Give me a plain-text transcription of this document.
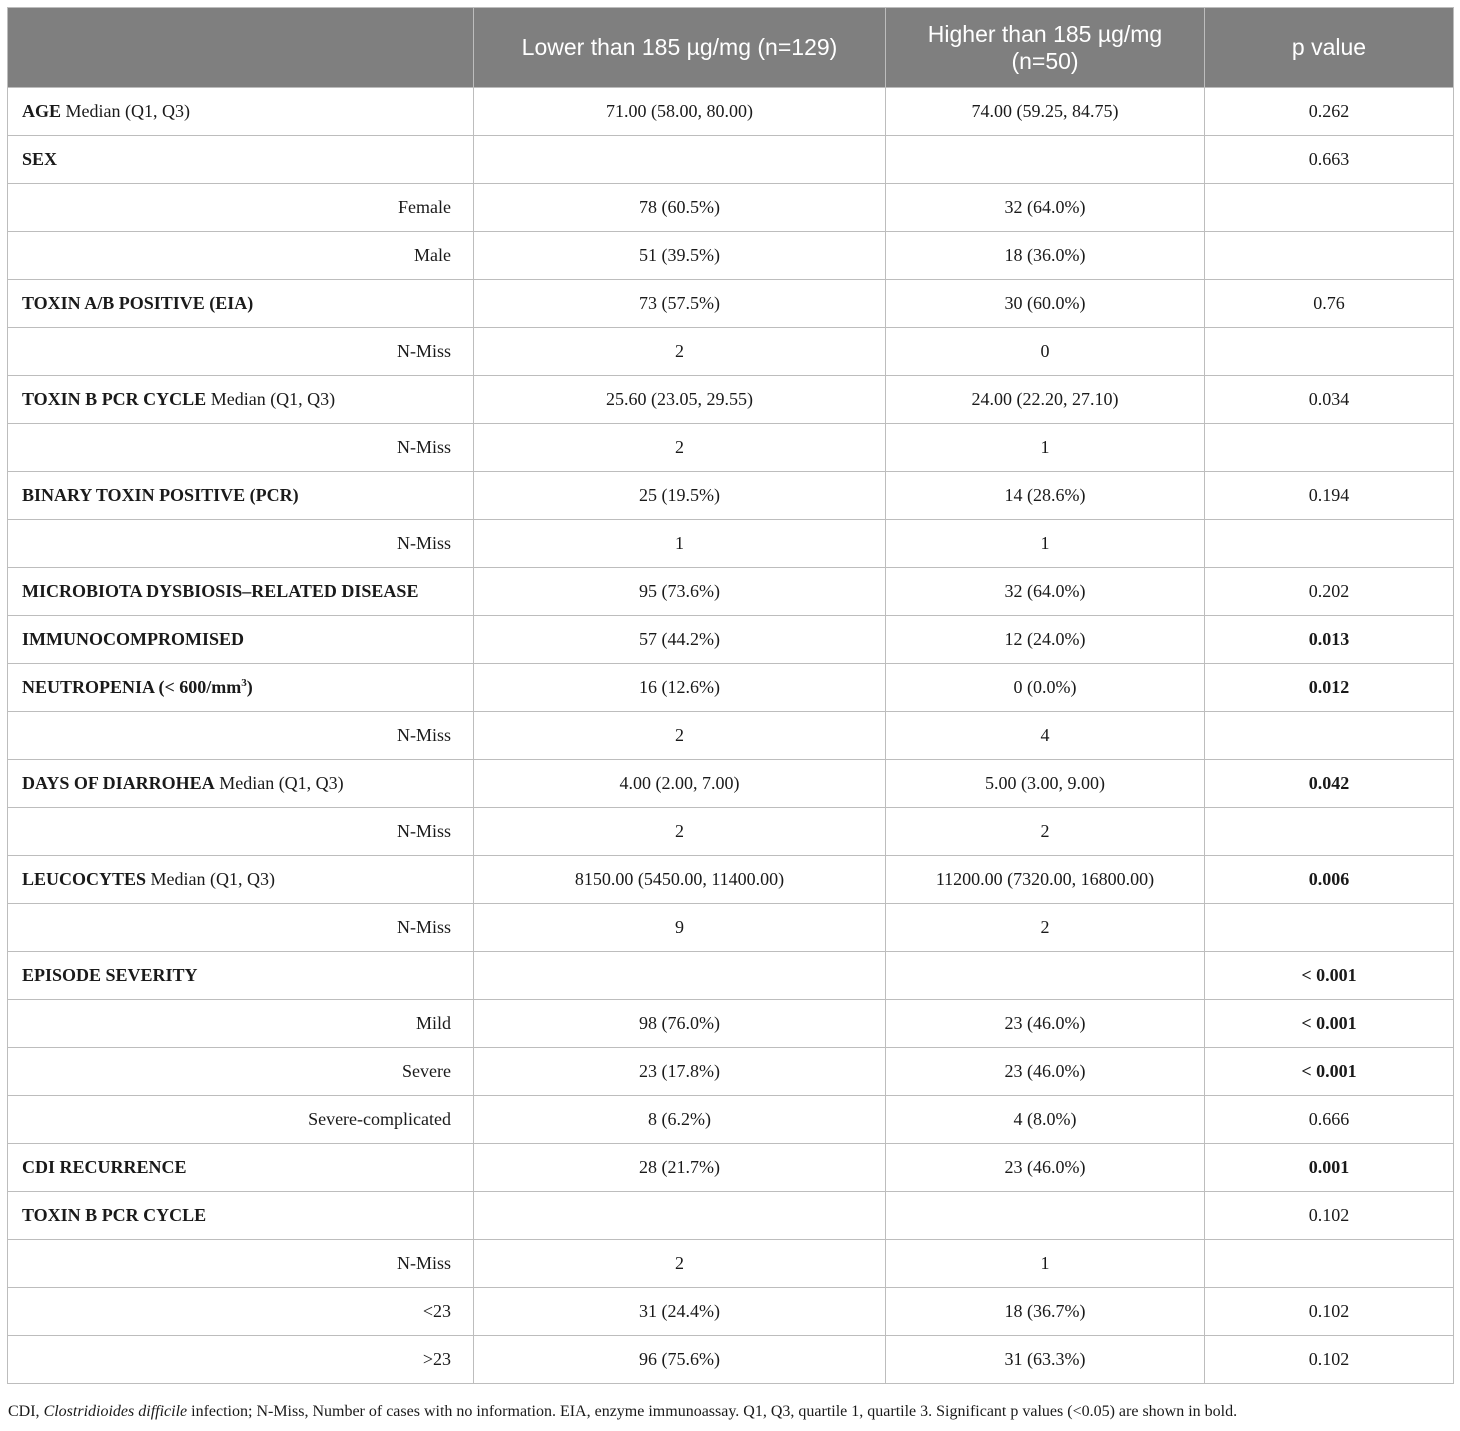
	Lower than 185 µg/mg (n=129)	Higher than 185 µg/mg (n=50)	p value
AGE Median (Q1, Q3)	71.00 (58.00, 80.00)	74.00 (59.25, 84.75)	0.262
SEX			0.663
Female	78 (60.5%)	32 (64.0%)	
Male	51 (39.5%)	18 (36.0%)	
TOXIN A/B POSITIVE (EIA)	73 (57.5%)	30 (60.0%)	0.76
N-Miss	2	0	
TOXIN B PCR CYCLE Median (Q1, Q3)	25.60 (23.05, 29.55)	24.00 (22.20, 27.10)	0.034
N-Miss	2	1	
BINARY TOXIN POSITIVE (PCR)	25 (19.5%)	14 (28.6%)	0.194
N-Miss	1	1	
MICROBIOTA DYSBIOSIS–RELATED DISEASE	95 (73.6%)	32 (64.0%)	0.202
IMMUNOCOMPROMISED	57 (44.2%)	12 (24.0%)	0.013
NEUTROPENIA (< $600/mm^3$)	16 (12.6%)	0 (0.0%)	0.012
N-Miss	2	4	
DAYS OF DIARROHEA Median (Q1, Q3)	4.00 (2.00, 7.00)	5.00 (3.00, 9.00)	0.042
N-Miss	2	2	
LEUCOCYTES Median (Q1, Q3)	8150.00 (5450.00, 11400.00)	11200.00 (7320.00, 16800.00)	0.006
N-Miss	9	2	
EPISODE SEVERITY			< 0.001
Mild	98 (76.0%)	23 (46.0%)	< 0.001
Severe	23 (17.8%)	23 (46.0%)	< 0.001
Severe-complicated	8 (6.2%)	4 (8.0%)	0.666
CDI RECURRENCE	28 (21.7%)	23 (46.0%)	0.001
TOXIN B PCR CYCLE			0.102
N-Miss	2	1	
<23	31 (24.4%)	18 (36.7%)	0.102
>23	96 (75.6%)	31 (63.3%)	0.102
CDI, Clostridioides difficile infection; N-Miss, Number of cases with no information. EIA, enzyme immunoassay. Q1, Q3, quartile 1, quartile 3. Significant p values (<0.05) are shown in bold.
